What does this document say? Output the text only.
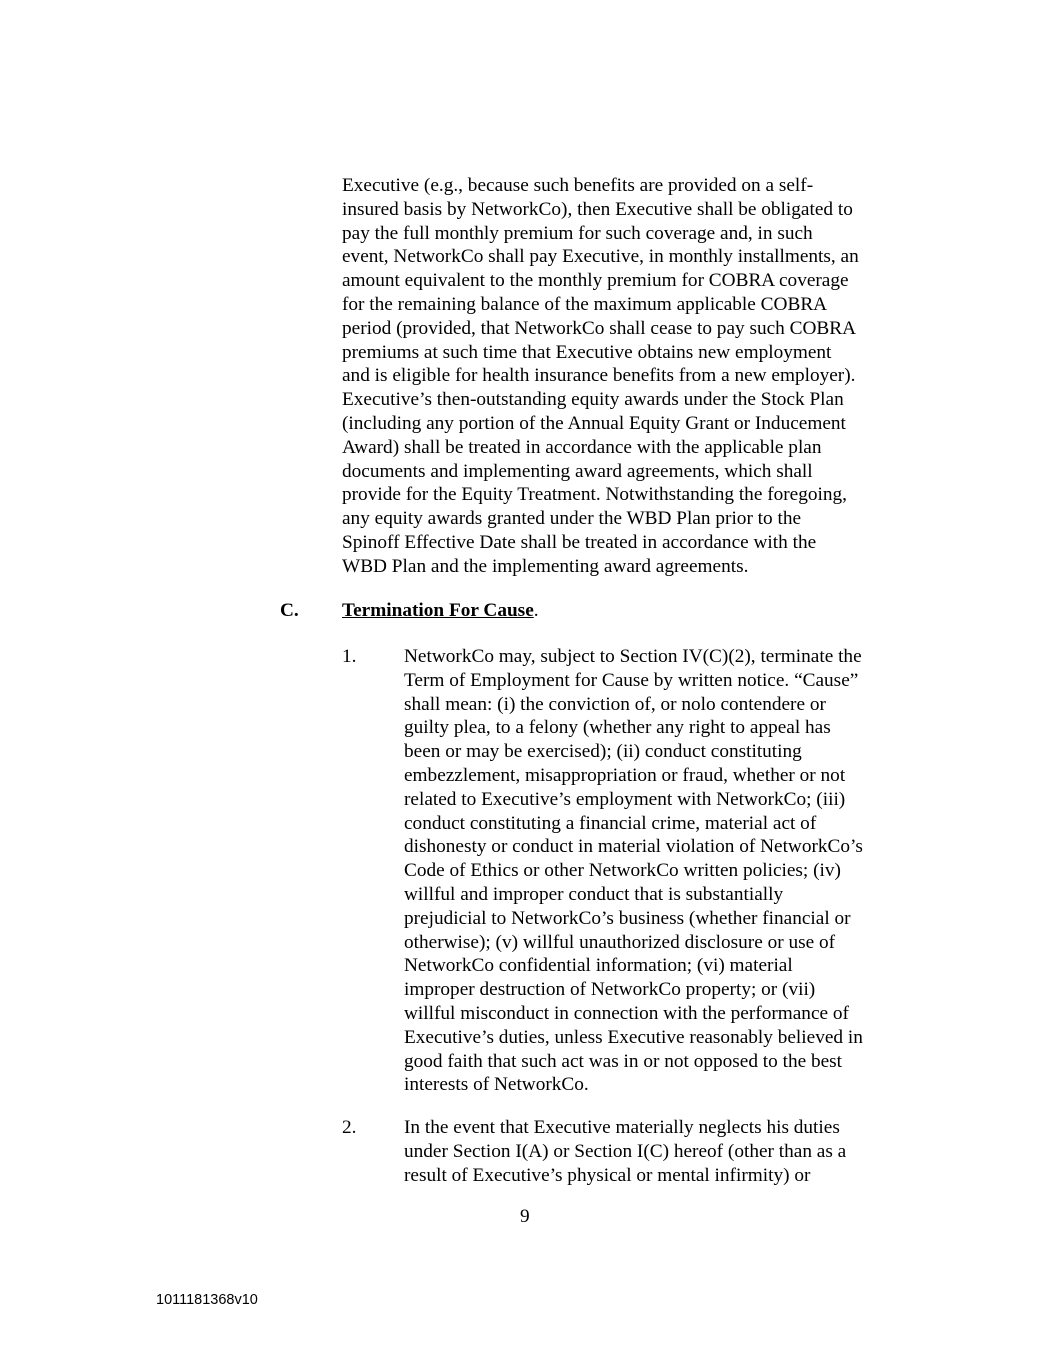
Executive (e.g., because such benefits are provided on a self-
insured basis by NetworkCo), then Executive shall be obligated to
pay the full monthly premium for such coverage and, in such
event, NetworkCo shall pay Executive, in monthly installments, an
amount equivalent to the monthly premium for COBRA coverage
for the remaining balance of the maximum applicable COBRA
period (provided, that NetworkCo shall cease to pay such COBRA
premiums at such time that Executive obtains new employment
and is eligible for health insurance benefits from a new employer).
Executive’s then-outstanding equity awards under the Stock Plan
(including any portion of the Annual Equity Grant or Inducement
Award) shall be treated in accordance with the applicable plan
documents and implementing award agreements, which shall
provide for the Equity Treatment. Notwithstanding the foregoing,
any equity awards granted under the WBD Plan prior to the
Spinoff Effective Date shall be treated in accordance with the
WBD Plan and the implementing award agreements.
C. Termination For Cause.
1. NetworkCo may, subject to Section IV(C)(2), terminate the
Term of Employment for Cause by written notice. “Cause”
shall mean: (i) the conviction of, or nolo contendere or
guilty plea, to a felony (whether any right to appeal has
been or may be exercised); (ii) conduct constituting
embezzlement, misappropriation or fraud, whether or not
related to Executive’s employment with NetworkCo; (iii)
conduct constituting a financial crime, material act of
dishonesty or conduct in material violation of NetworkCo’s
Code of Ethics or other NetworkCo written policies; (iv)
willful and improper conduct that is substantially
prejudicial to NetworkCo’s business (whether financial or
otherwise); (v) willful unauthorized disclosure or use of
NetworkCo confidential information; (vi) material
improper destruction of NetworkCo property; or (vii)
willful misconduct in connection with the performance of
Executive’s duties, unless Executive reasonably believed in
good faith that such act was in or not opposed to the best
interests of NetworkCo.
2. In the event that Executive materially neglects his duties
under Section I(A) or Section I(C) hereof (other than as a
result of Executive’s physical or mental infirmity) or
9
1011181368v10
